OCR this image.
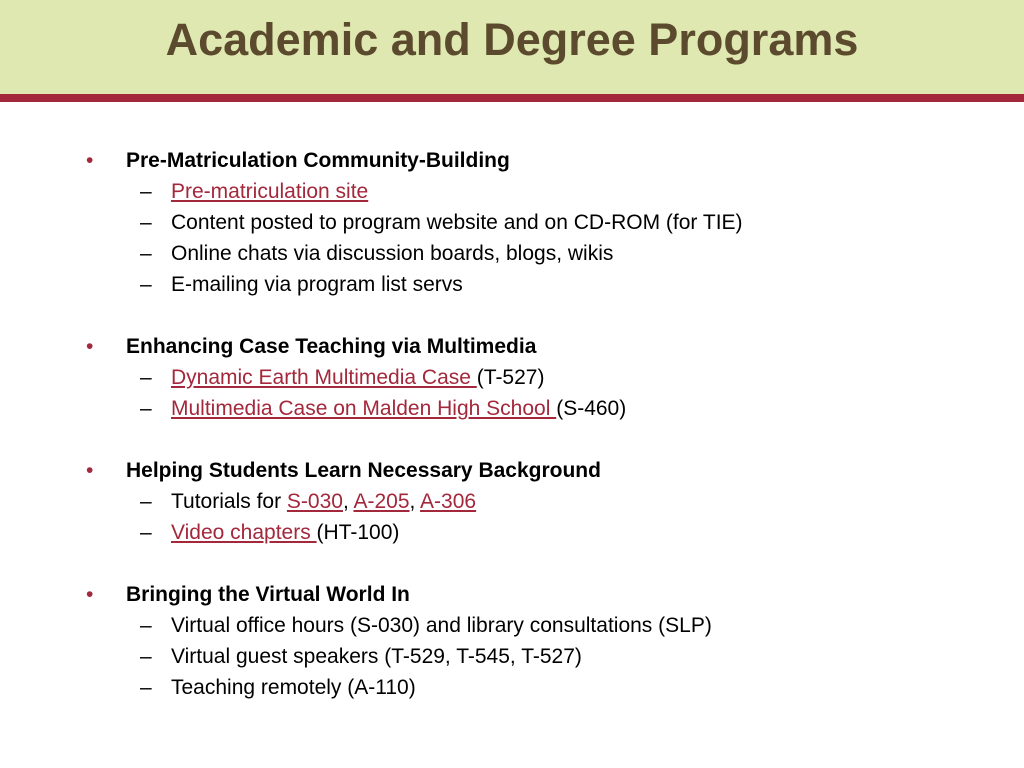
Academic and Degree Programs
• Pre-Matriculation Community-Building
– Pre-matriculation site
– Content posted to program website and on CD-ROM (for TIE)
– Online chats via discussion boards, blogs, wikis
– E-mailing via program list servs
• Enhancing Case Teaching via Multimedia
– Dynamic Earth Multimedia Case (T-527)
– Multimedia Case on Malden High School (S-460)
• Helping Students Learn Necessary Background
– Tutorials for S-030, A-205, A-306
– Video chapters (HT-100)
• Bringing the Virtual World In
– Virtual office hours (S-030) and library consultations (SLP)
– Virtual guest speakers (T-529, T-545, T-527)
– Teaching remotely (A-110)
